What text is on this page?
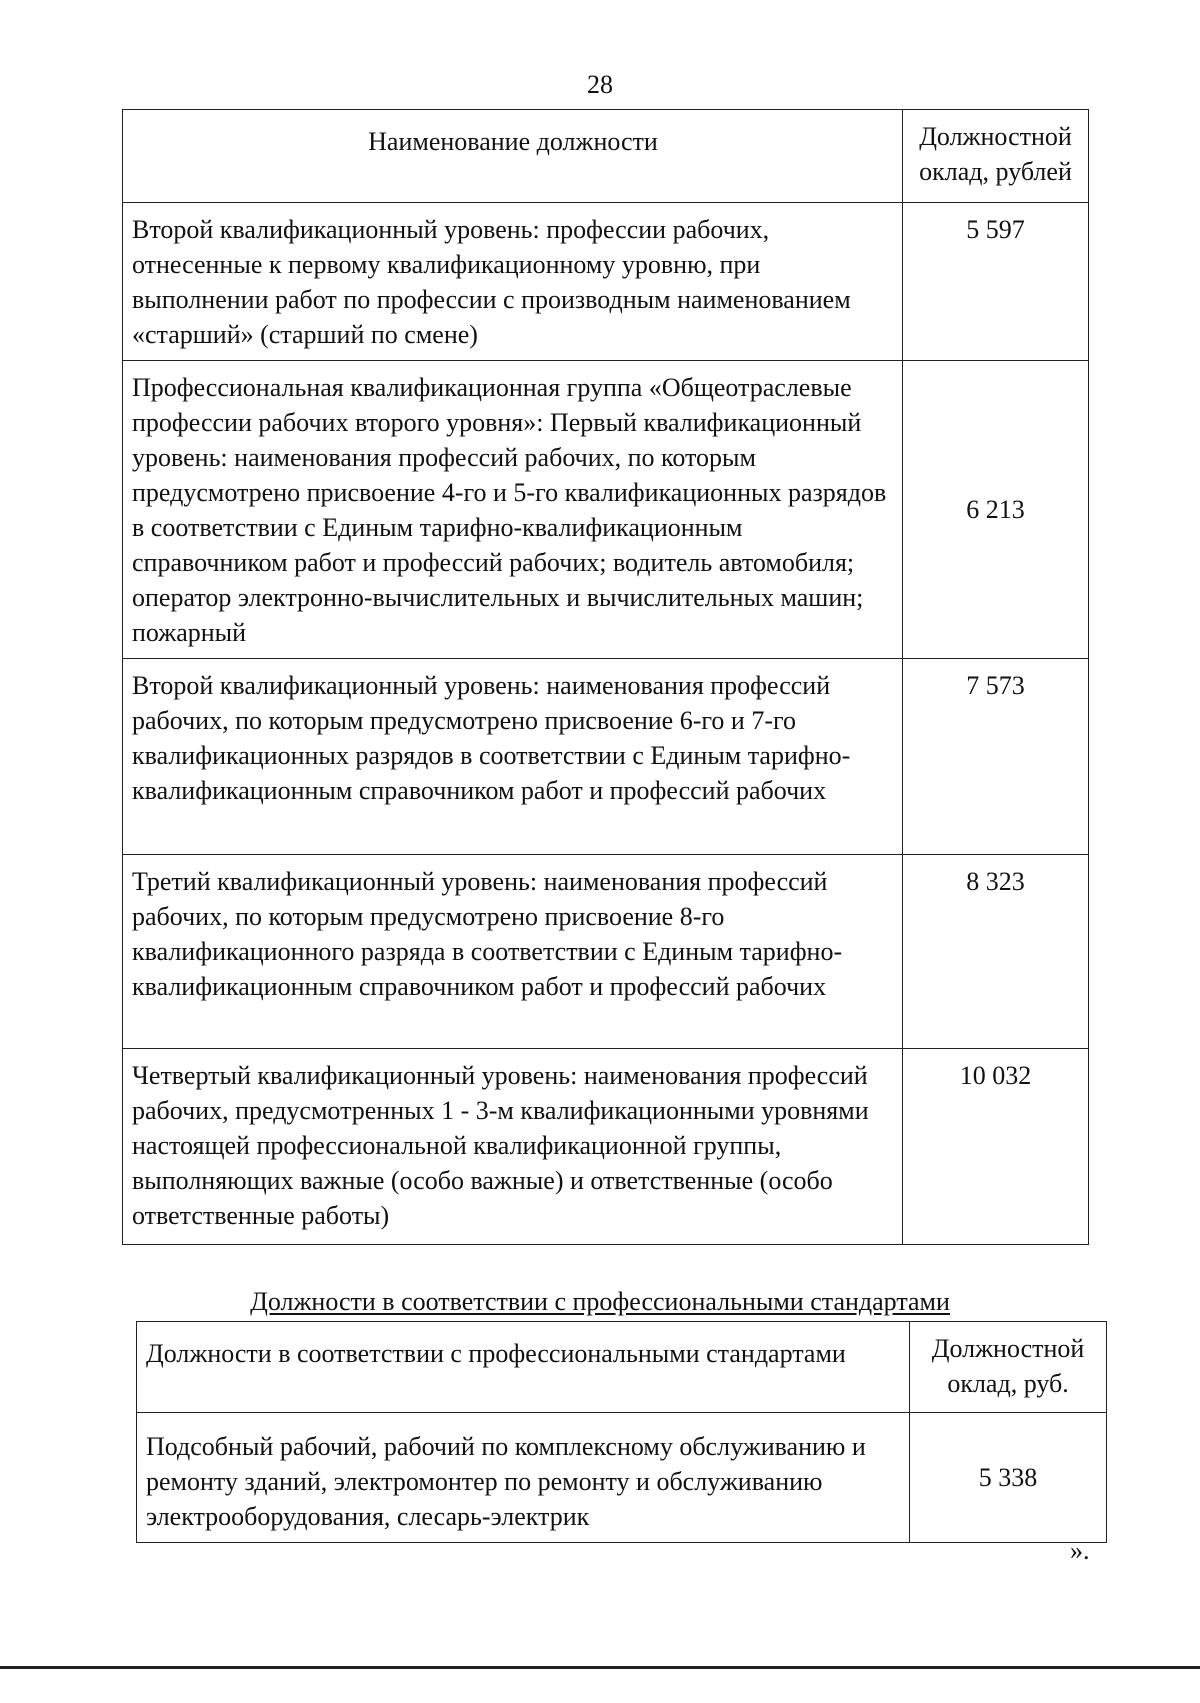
28
Наименование должности	Должностной оклад, рублей
Второй квалификационный уровень: профессии рабочих, отнесенные к первому квалификационному уровню, при выполнении работ по профессии с производным наименованием «старший» (старший по смене)	5 597
Профессиональная квалификационная группа «Общеотраслевые профессии рабочих второго уровня»: Первый квалификационный уровень: наименования профессий рабочих, по которым предусмотрено присвоение 4-го и 5-го квалификационных разрядов в соответствии с Единым тарифно-квалификационным справочником работ и профессий рабочих; водитель автомобиля; оператор электронно-вычислительных и вычислительных машин; пожарный	6 213
Второй квалификационный уровень: наименования профессий рабочих, по которым предусмотрено присвоение 6-го и 7-го квалификационных разрядов в соответствии с Единым тарифно-квалификационным справочником работ и профессий рабочих	7 573
Третий квалификационный уровень: наименования профессий рабочих, по которым предусмотрено присвоение 8-го квалификационного разряда в соответствии с Единым тарифно-квалификационным справочником работ и профессий рабочих	8 323
Четвертый квалификационный уровень: наименования профессий рабочих, предусмотренных 1 - 3-м квалификационными уровнями настоящей профессиональной квалификационной группы, выполняющих важные (особо важные) и ответственные (особо ответственные работы)	10 032
Должности в соответствии с профессиональными стандартами
Должности в соответствии с профессиональными стандартами	Должностной оклад, руб.
Подсобный рабочий, рабочий по комплексному обслуживанию и ремонту зданий, электромонтер по ремонту и обслуживанию электрооборудования, слесарь-электрик	5 338
».
